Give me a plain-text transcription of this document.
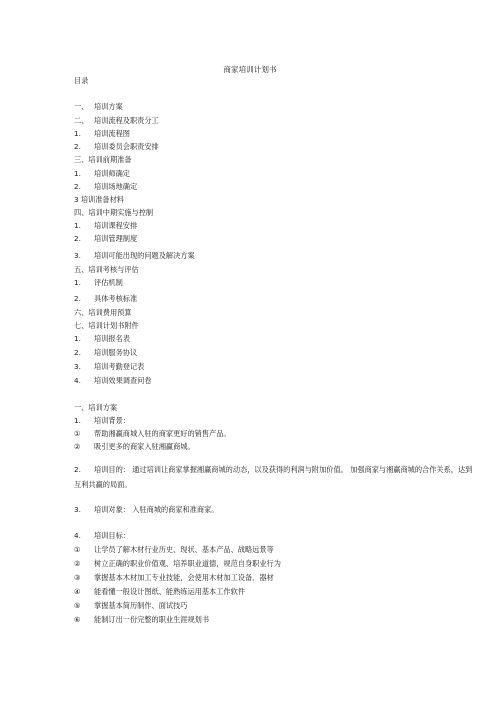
商家培训计划书
目录
一、 培训方案
二、 培训流程及职责分工
1. 培训流程图
2. 培训委员会职责安排
三、培训前期准备
1. 培训师确定
2. 培训场地确定
3 培训准备材料
四、培训中期实施与控制
1. 培训课程安排
2. 培训管理制度
3. 培训可能出现的问题及解决方案
五、培训考核与评估
1. 评估机制
2. 具体考核标准
六、培训费用预算
七、培训计划书附件
1. 培训报名表
2. 培训服务协议
3. 培训考勤登记表
4. 培训效果调查问卷
一、培训方案
1. 培训背景：
① 帮助湘赢商城入驻的商家更好的销售产品。
② 吸引更多的商家入驻湘赢商城。
2. 培训目的： 通过培训让商家掌握湘赢商城的动态，以及获得的利润与附加价值。 加强商家与湘赢商城的合作关系，达到
互利共赢的局面。
3. 培训对象： 入驻商城的商家和准商家。
4. 培训目标：
① 让学员了解木材行业历史、现状、基本产品、战略远景等
② 树立正确的职业价值观、培养职业道德，规范自身职业行为
③ 掌握基本木材加工专业技能，会使用木材加工设备、器材
④ 能看懂一般设计图纸、能熟练运用基本工作软件
⑤ 掌握基本简历制作、面试技巧
⑥ 能制订出一份完整的职业生涯规划书
